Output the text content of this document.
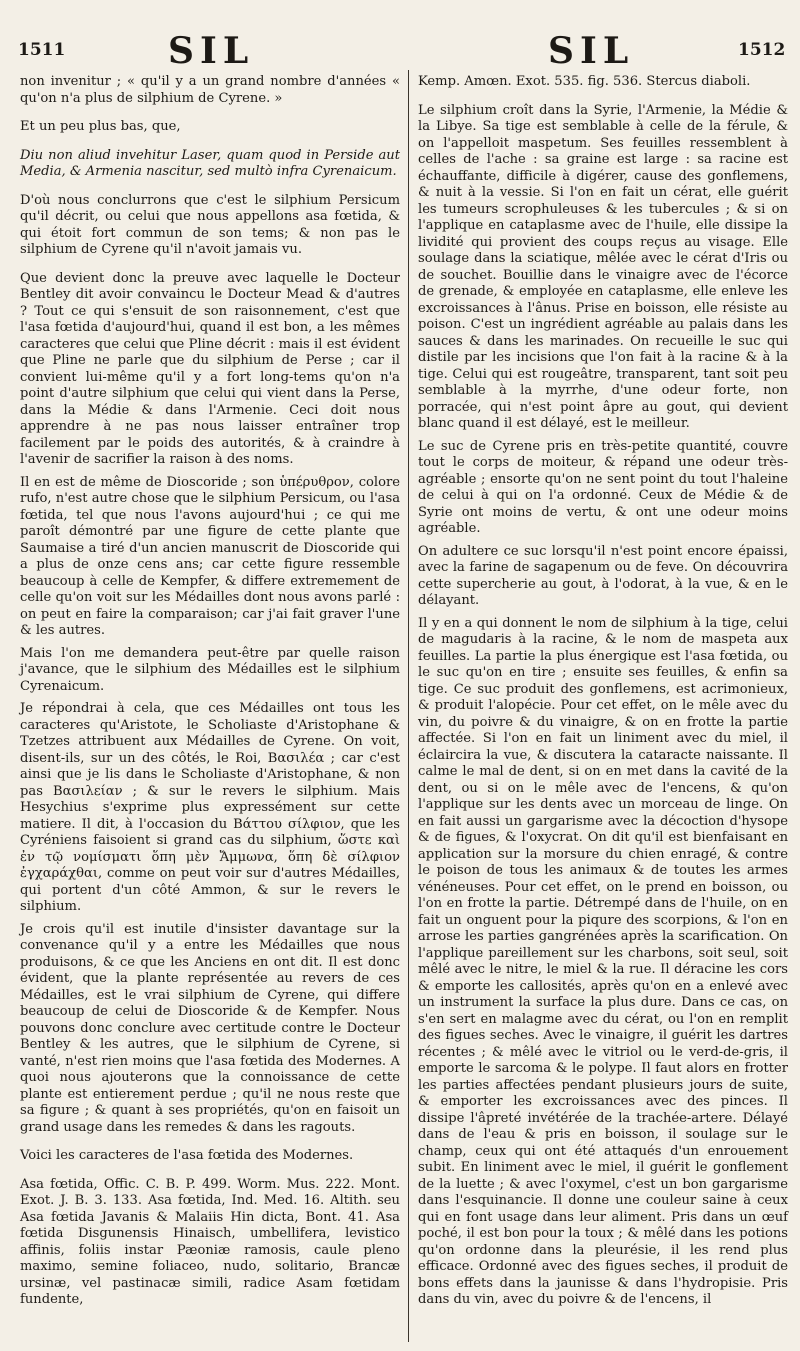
1511	SIL	SIL	1512

non invenitur ; « qu'il y a un grand nombre d'années « qu'on n'a plus de silphium de Cyrene. »

Et un peu plus bas, que,

Diu non aliud invehitur Laser, quam quod in Perside aut Media, & Armenia nascitur, sed multò infra Cyrenaicum.

D'où nous conclurrons que c'est le silphium Persicum qu'il décrit, ou celui que nous appellons asa fœtida, & qui étoit fort commun de son tems; & non pas le silphium de Cyrene qu'il n'avoit jamais vu.

Que devient donc la preuve avec laquelle le Docteur Bentley dit avoir convaincu le Docteur Mead & d'autres ? Tout ce qui s'ensuit de son raisonnement, c'est que l'asa fœtida d'aujourd'hui, quand il est bon, a les mêmes caracteres que celui que Pline décrit : mais il est évident que Pline ne parle que du silphium de Perse ; car il convient lui-même qu'il y a fort long-tems qu'on n'a point d'autre silphium que celui qui vient dans la Perse, dans la Médie & dans l'Armenie. Ceci doit nous apprendre à ne pas nous laisser entraîner trop facilement par le poids des autorités, & à craindre à l'avenir de sacrifier la raison à des noms.

Il en est de même de Dioscoride ; son ὑπέρυθρον, colore rufo, n'est autre chose que le silphium Persicum, ou l'asa fœtida, tel que nous l'avons aujourd'hui ; ce qui me paroît démontré par une figure de cette plante que Saumaise a tiré d'un ancien manuscrit de Dioscoride qui a plus de onze cens ans; car cette figure ressemble beaucoup à celle de Kempfer, & differe extremement de celle qu'on voit sur les Médailles dont nous avons parlé : on peut en faire la comparaison; car j'ai fait graver l'une & les autres.

Mais l'on me demandera peut-être par quelle raison j'avance, que le silphium des Médailles est le silphium Cyrenaicum.

Je répondrai à cela, que ces Médailles ont tous les caracteres qu'Aristote, le Scholiaste d'Aristophane & Tzetzes attribuent aux Médailles de Cyrene. On voit, disent-ils, sur un des côtés, le Roi, Βασιλέα ; car c'est ainsi que je lis dans le Scholiaste d'Aristophane, & non pas Βασιλείαν ; & sur le revers le silphium. Mais Hesychius s'exprime plus expressément sur cette matiere. Il dit, à l'occasion du Βάττου σίλφιον, que les Cyréniens faisoient si grand cas du silphium, ὥστε καὶ ἐν τῷ νομίσματι ὅπη μὲν Ἄμμωνα, ὅπη δὲ σίλφιον ἐγχαράχθαι, comme on peut voir sur d'autres Médailles, qui portent d'un côté Ammon, & sur le revers le silphium.

Je crois qu'il est inutile d'insister davantage sur la convenance qu'il y a entre les Médailles que nous produisons, & ce que les Anciens en ont dit. Il est donc évident, que la plante représentée au revers de ces Médailles, est le vrai silphium de Cyrene, qui differe beaucoup de celui de Dioscoride & de Kempfer. Nous pouvons donc conclure avec certitude contre le Docteur Bentley & les autres, que le silphium de Cyrene, si vanté, n'est rien moins que l'asa fœtida des Modernes. A quoi nous ajouterons que la connoissance de cette plante est entierement perdue ; qu'il ne nous reste que sa figure ; & quant à ses propriétés, qu'on en faisoit un grand usage dans les remedes & dans les ragouts.

Voici les caracteres de l'asa fœtida des Modernes.

Asa fœtida, Offic. C. B. P. 499. Worm. Mus. 222. Mont. Exot. J. B. 3. 133. Asa fœtida, Ind. Med. 16. Altith. seu Asa fœtida Javanis & Malaiis Hin dicta, Bont. 41. Asa fœtida Disgunensis Hinaisch, umbellifera, levistico affinis, foliis instar Pæoniæ ramosis, caule pleno maximo, semine foliaceo, nudo, solitario, Brancæ ursinæ, vel pastinacæ simili, radice Asam fœtidam fundente,

Kemp. Amœn. Exot. 535. fig. 536. Stercus diaboli.

Le silphium croît dans la Syrie, l'Armenie, la Médie & la Libye. Sa tige est semblable à celle de la férule, & on l'appelloit maspetum. Ses feuilles ressemblent à celles de l'ache : sa graine est large : sa racine est échauffante, difficile à digérer, cause des gonflemens, & nuit à la vessie. Si l'on en fait un cérat, elle guérit les tumeurs scrophuleuses & les tubercules ; & si on l'applique en cataplasme avec de l'huile, elle dissipe la lividité qui provient des coups reçus au visage. Elle soulage dans la sciatique, mêlée avec le cérat d'Iris ou de souchet. Bouillie dans le vinaigre avec de l'écorce de grenade, & employée en cataplasme, elle enleve les excroissances à l'ânus. Prise en boisson, elle résiste au poison. C'est un ingrédient agréable au palais dans les sauces & dans les marinades. On recueille le suc qui distile par les incisions que l'on fait à la racine & à la tige. Celui qui est rougeâtre, transparent, tant soit peu semblable à la myrrhe, d'une odeur forte, non porracée, qui n'est point âpre au gout, qui devient blanc quand il est délayé, est le meilleur.

Le suc de Cyrene pris en très-petite quantité, couvre tout le corps de moiteur, & répand une odeur très-agréable ; ensorte qu'on ne sent point du tout l'haleine de celui à qui on l'a ordonné. Ceux de Médie & de Syrie ont moins de vertu, & ont une odeur moins agréable.

On adultere ce suc lorsqu'il n'est point encore épaissi, avec la farine de sagapenum ou de feve. On découvrira cette supercherie au gout, à l'odorat, à la vue, & en le délayant.

Il y en a qui donnent le nom de silphium à la tige, celui de magudaris à la racine, & le nom de maspeta aux feuilles. La partie la plus énergique est l'asa fœtida, ou le suc qu'on en tire ; ensuite ses feuilles, & enfin sa tige. Ce suc produit des gonflemens, est acrimonieux, & produit l'alopécie. Pour cet effet, on le mêle avec du vin, du poivre & du vinaigre, & on en frotte la partie affectée. Si l'on en fait un liniment avec du miel, il éclaircira la vue, & discutera la cataracte naissante. Il calme le mal de dent, si on en met dans la cavité de la dent, ou si on le mêle avec de l'encens, & qu'on l'applique sur les dents avec un morceau de linge. On en fait aussi un gargarisme avec la décoction d'hysope & de figues, & l'oxycrat. On dit qu'il est bienfaisant en application sur la morsure du chien enragé, & contre le poison de tous les animaux & de toutes les armes vénéneuses. Pour cet effet, on le prend en boisson, ou l'on en frotte la partie. Détrempé dans de l'huile, on en fait un onguent pour la piqure des scorpions, & l'on en arrose les parties gangrénées après la scarification. On l'applique pareillement sur les charbons, soit seul, soit mêlé avec le nitre, le miel & la rue. Il déracine les cors & emporte les callosités, après qu'on en a enlevé avec un instrument la surface la plus dure. Dans ce cas, on s'en sert en malagme avec du cérat, ou l'on en remplit des figues seches. Avec le vinaigre, il guérit les dartres récentes ; & mêlé avec le vitriol ou le verd-de-gris, il emporte le sarcoma & le polype. Il faut alors en frotter les parties affectées pendant plusieurs jours de suite, & emporter les excroissances avec des pinces. Il dissipe l'âpreté invétérée de la trachée-artere. Délayé dans de l'eau & pris en boisson, il soulage sur le champ, ceux qui ont été attaqués d'un enrouement subit. En liniment avec le miel, il guérit le gonflement de la luette ; & avec l'oxymel, c'est un bon gargarisme dans l'esquinancie. Il donne une couleur saine à ceux qui en font usage dans leur aliment. Pris dans un œuf poché, il est bon pour la toux ; & mêlé dans les potions qu'on ordonne dans la pleurésie, il les rend plus efficace. Ordonné avec des figues seches, il produit de bons effets dans la jaunisse & dans l'hydropisie. Pris dans du vin, avec du poivre & de l'encens, il
